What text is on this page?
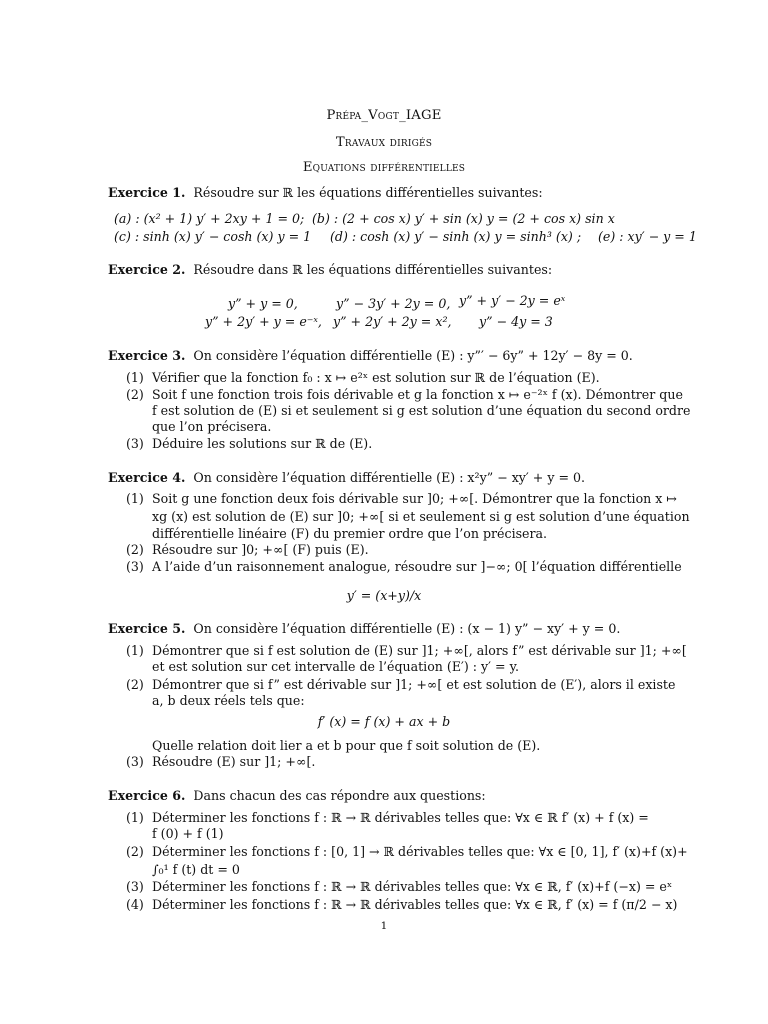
Prépa_Vogt_IAGE
Travaux dirigés
Equations différentielles
Exercice 1. Résoudre sur ℝ les équations différentielles suivantes:
(a) : (x² + 1) y′ + 2xy + 1 = 0; (b) : (2 + cos x) y′ + sin (x) y = (2 + cos x) sin x
(c) : sinh (x) y′ − cosh (x) y = 1 (d) : cosh (x) y′ − sinh (x) y = sinh³ (x) ; (e) : xy′ − y = 1
Exercice 2. Résoudre dans ℝ les équations différentielles suivantes:
y” + y = 0,	y” − 3y′ + 2y = 0, y” + y′ − 2y = eˣ
y” + 2y′ + y = e⁻ˣ, y” + 2y′ + 2y = x², y” − 4y = 3
Exercice 3. On considère l’équation différentielle (E) : y”′ − 6y” + 12y′ − 8y = 0.
(1) Vérifier que la fonction f₀ : x ↦ e²ˣ est solution sur ℝ de l’équation (E).
(2) Soit f une fonction trois fois dérivable et g la fonction x ↦ e⁻²ˣ f (x). Démontrer que
f est solution de (E) si et seulement si g est solution d’une équation du second ordre
que l’on précisera.
(3) Déduire les solutions sur ℝ de (E).
Exercice 4. On considère l’équation différentielle (E) : x²y” − xy′ + y = 0.
(1) Soit g une fonction deux fois dérivable sur ]0; +∞[. Démontrer que la fonction x ↦
xg (x) est solution de (E) sur ]0; +∞[ si et seulement si g est solution d’une équation
différentielle linéaire (F) du premier ordre que l’on précisera.
(2) Résoudre sur ]0; +∞[ (F) puis (E).
(3) A l’aide d’un raisonnement analogue, résoudre sur ]−∞; 0[ l’équation différentielle
y′ = (x+y)/x
Exercice 5. On considère l’équation différentielle (E) : (x − 1) y” − xy′ + y = 0.
(1) Démontrer que si f est solution de (E) sur ]1; +∞[, alors f” est dérivable sur ]1; +∞[
et est solution sur cet intervalle de l’équation (E′) : y′ = y.
(2) Démontrer que si f” est dérivable sur ]1; +∞[ et est solution de (E′), alors il existe
a, b deux réels tels que:
f′ (x) = f (x) + ax + b
Quelle relation doit lier a et b pour que f soit solution de (E).
(3) Résoudre (E) sur ]1; +∞[.
Exercice 6. Dans chacun des cas répondre aux questions:
(1) Déterminer les fonctions f : ℝ → ℝ dérivables telles que: ∀x ∈ ℝ f′ (x) + f (x) =
f (0) + f (1)
(2) Déterminer les fonctions f : [0, 1] → ℝ dérivables telles que: ∀x ∈ [0, 1], f′ (x)+f (x)+
∫₀¹ f (t) dt = 0
(3) Déterminer les fonctions f : ℝ → ℝ dérivables telles que: ∀x ∈ ℝ, f′ (x)+f (−x) = eˣ
(4) Déterminer les fonctions f : ℝ → ℝ dérivables telles que: ∀x ∈ ℝ, f′ (x) = f (π/2 − x)
1
